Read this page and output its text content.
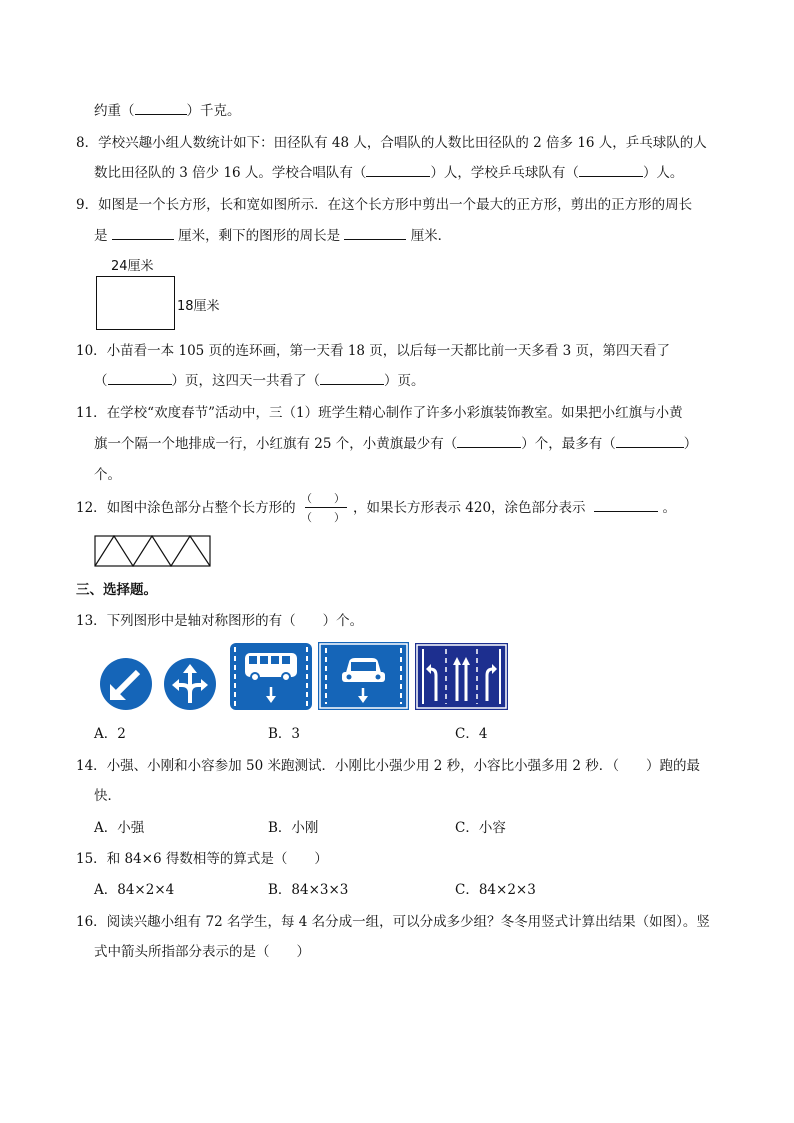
约重（	）千克。
8．学校兴趣小组人数统计如下：田径队有 48 人，合唱队的人数比田径队的 2 倍多 16 人，乒乓球队的人
数比田径队的 3 倍少 16 人。学校合唱队有（	）人，学校乒乓球队有（	）人。
9．如图是一个长方形，长和宽如图所示．在这个长方形中剪出一个最大的正方形，剪出的正方形的周长
是	厘米，剩下的图形的周长是	厘米．
24厘米
18厘米
10．小苗看一本 105 页的连环画，第一天看 18 页，以后每一天都比前一天多看 3 页，第四天看了
（	）页，这四天一共看了（	）页。
11．在学校“欢度春节”活动中，三（1）班学生精心制作了许多小彩旗装饰教室。如果把小红旗与小黄
旗一个隔一个地排成一行，小红旗有 25 个，小黄旗最少有（	）个，最多有（	）
个。
12．如图中涂色部分占整个长方形的
（　　）
（　　）
，如果长方形表示 420，涂色部分表示	。
三、选择题。
13．下列图形中是轴对称图形的有（　　）个。
A．2	B．3	C．4
14．小强、小刚和小容参加 50 米跑测试．小刚比小强少用 2 秒，小容比小强多用 2 秒．（　　）跑的最
快．
A．小强	B．小刚	C．小容
15．和 84×6 得数相等的算式是（　　）
A．84×2×4	B．84×3×3	C．84×2×3
16．阅读兴趣小组有 72 名学生，每 4 名分成一组，可以分成多少组？冬冬用竖式计算出结果（如图）。竖
式中箭头所指部分表示的是（　　）
